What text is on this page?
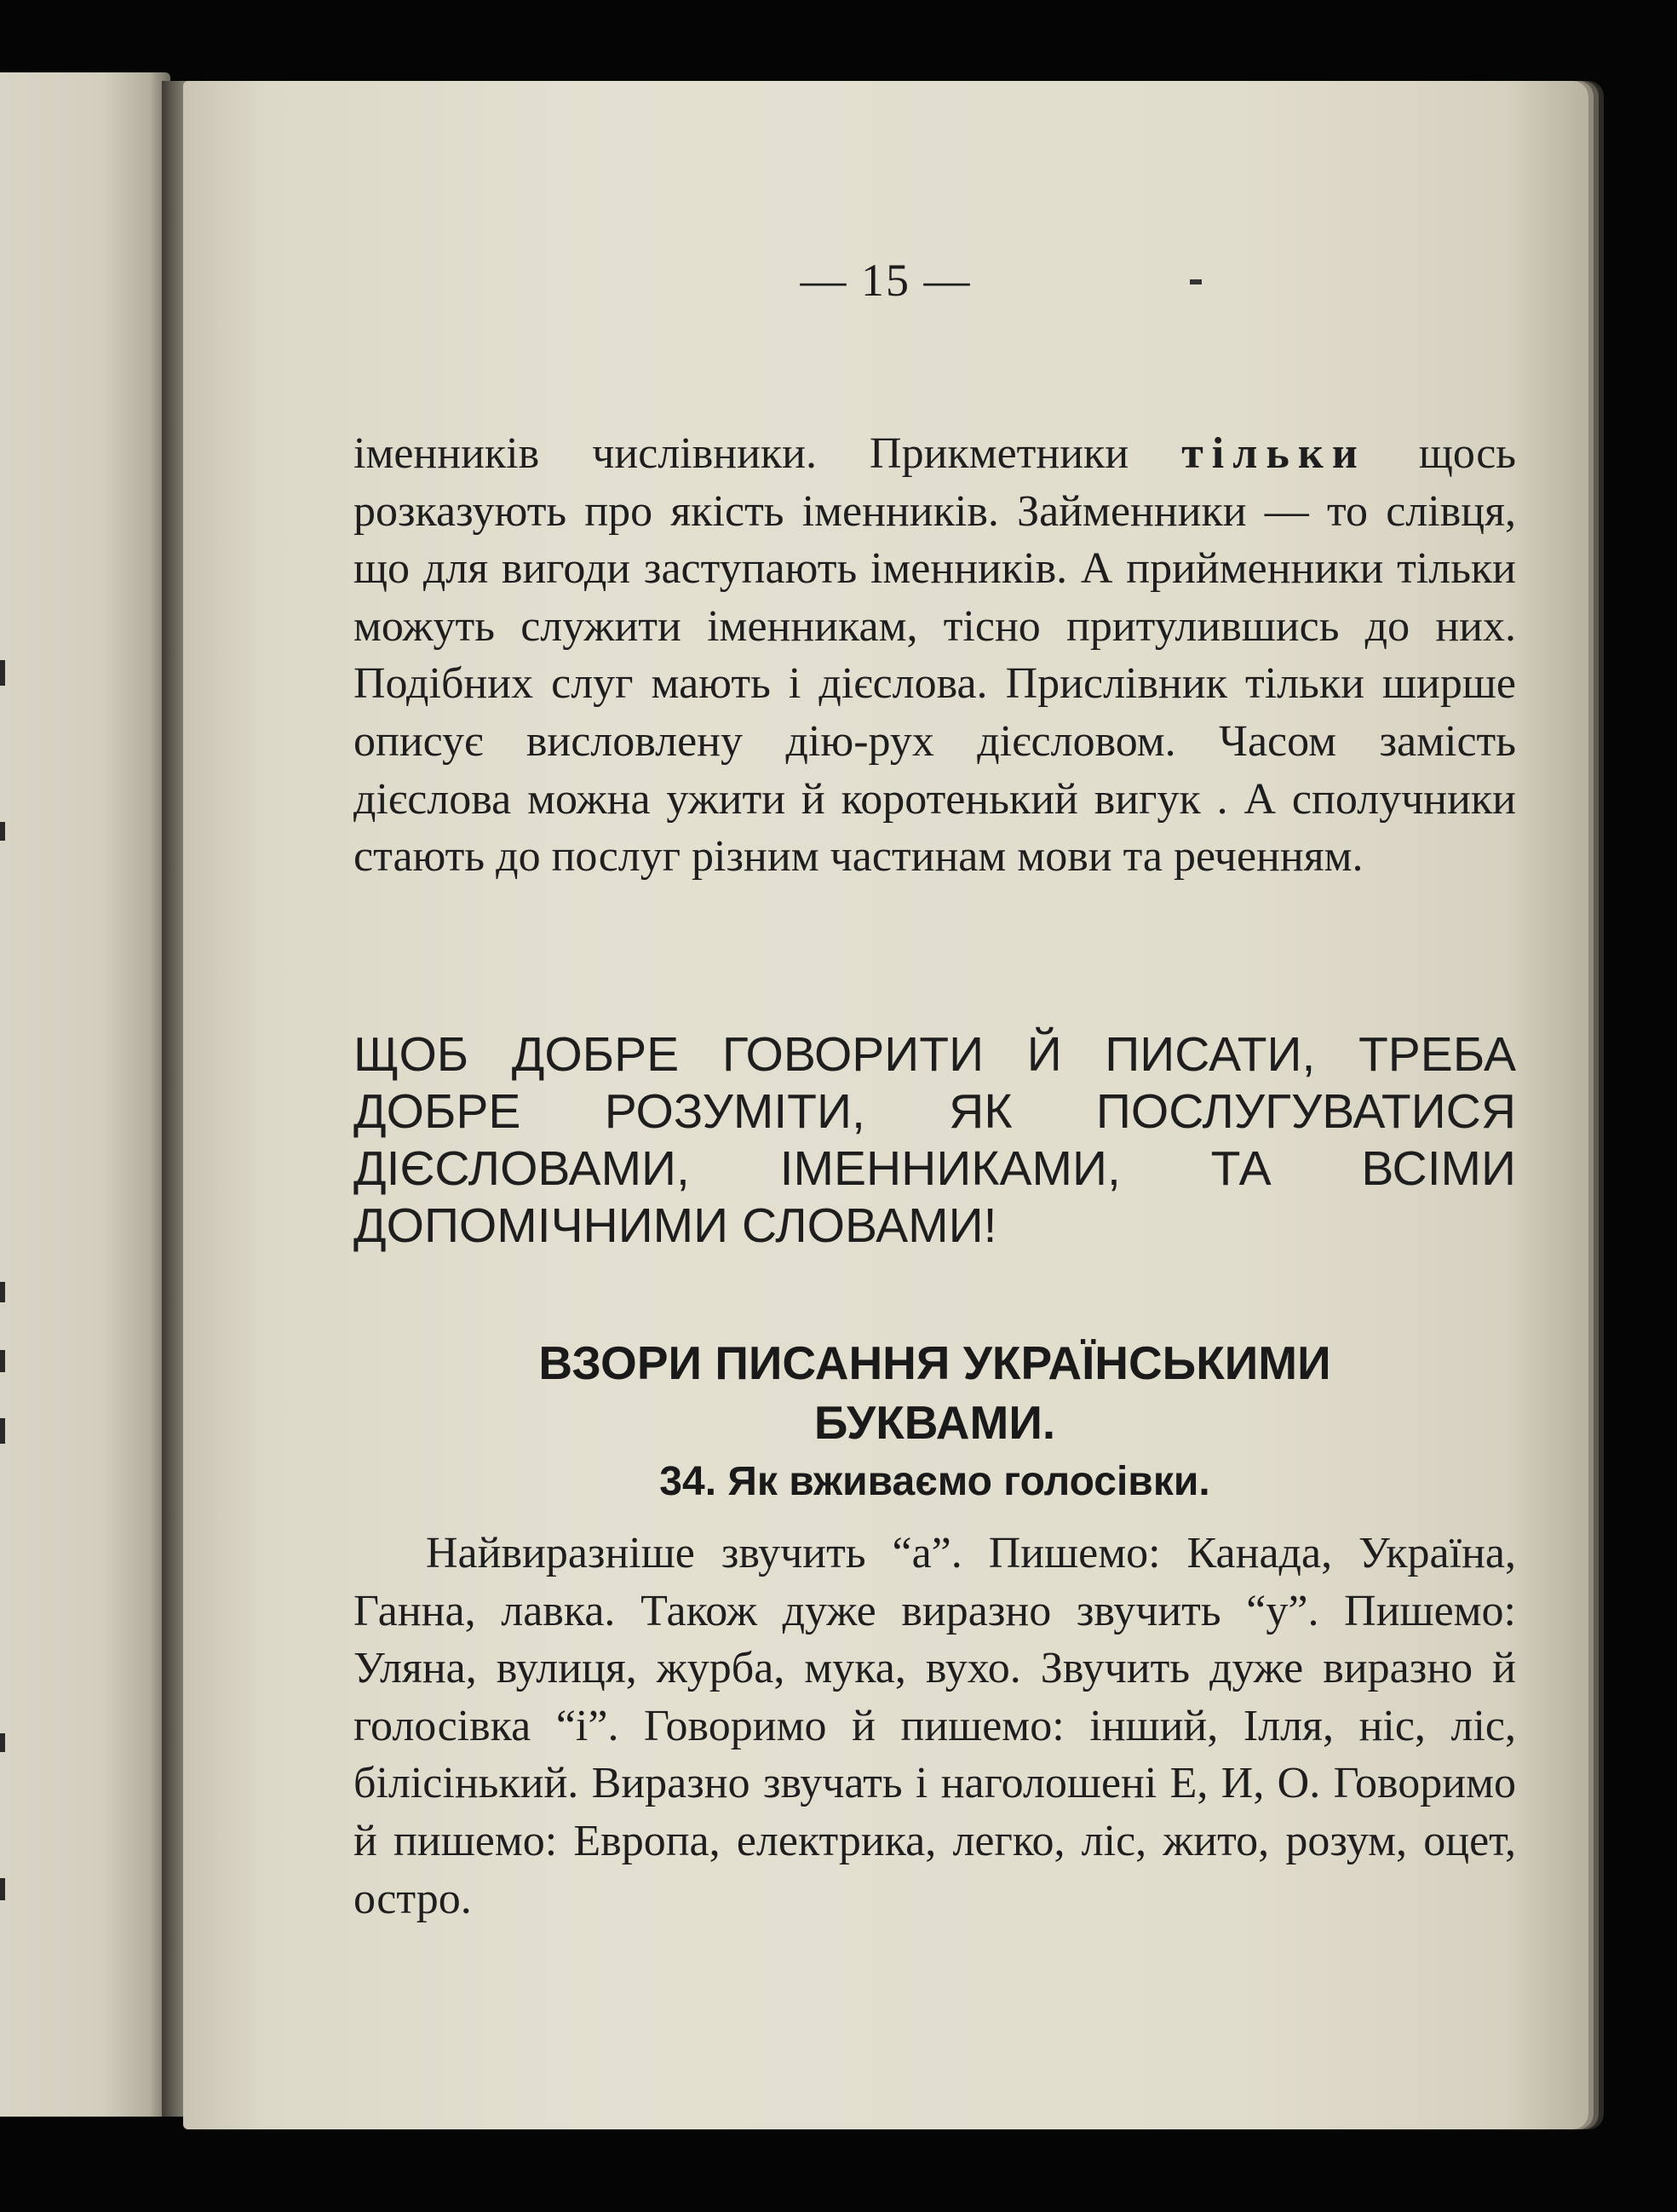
— 15 —
іменників числівники. Прикметники тільки щось розказують про якість іменників. Займенники — то слівця, що для вигоди заступають іменників. А прийменники тільки можуть служити іменникам, тісно притулившись до них. Подібних слуг мають і дієслова. Прислівник тільки ширше описує висловлену дію-рух дієсловом. Часом замість дієслова можна ужити й коротенький вигук . А сполучники стають до послуг різним частинам мови та реченням.
ЩОБ ДОБРЕ ГОВОРИТИ Й ПИСАТИ, ТРЕБА ДОБРЕ РОЗУМІТИ, ЯК ПОСЛУГУВАТИСЯ ДІЄСЛОВАМИ, ІМЕННИКАМИ, ТА ВСІМИ ДОПОМІЧНИМИ СЛОВАМИ!
ВЗОРИ ПИСАННЯ УКРАЇНСЬКИМИ
БУКВАМИ.
34. Як вживаємо голосівки.
Найвиразніше звучить “а”. Пишемо: Канада, Україна, Ганна, лавка. Також дуже виразно звучить “у”. Пишемо: Уляна, вулиця, журба, мука, вухо. Звучить дуже виразно й голосівка “і”. Говоримо й пишемо: інший, Ілля, ніс, ліс, білісінький. Виразно звучать і наголошені Е, И, О. Говоримо й пишемо: Европа, електрика, легко, ліс, жито, розум, оцет, остро.
